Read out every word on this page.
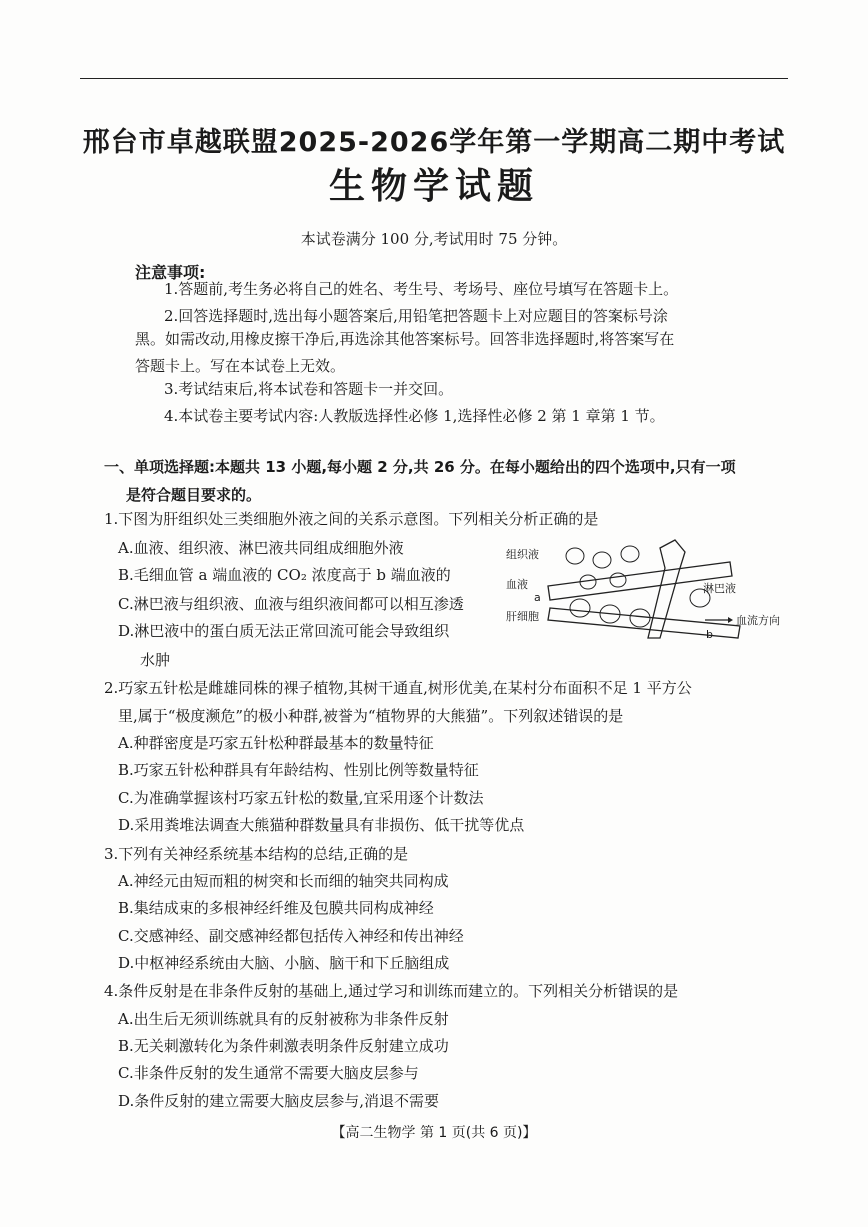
邢台市卓越联盟2025-2026学年第一学期高二期中考试
生物学试题
本试卷满分 100 分,考试用时 75 分钟。
注意事项:
1.答题前,考生务必将自己的姓名、考生号、考场号、座位号填写在答题卡上。
2.回答选择题时,选出每小题答案后,用铅笔把答题卡上对应题目的答案标号涂
黑。如需改动,用橡皮擦干净后,再选涂其他答案标号。回答非选择题时,将答案写在
答题卡上。写在本试卷上无效。
3.考试结束后,将本试卷和答题卡一并交回。
4.本试卷主要考试内容:人教版选择性必修 1,选择性必修 2 第 1 章第 1 节。
一、单项选择题:本题共 13 小题,每小题 2 分,共 26 分。在每小题给出的四个选项中,只有一项
是符合题目要求的。
1.下图为肝组织处三类细胞外液之间的关系示意图。下列相关分析正确的是
A.血液、组织液、淋巴液共同组成细胞外液
B.毛细血管 a 端血液的 CO₂ 浓度高于 b 端血液的
C.淋巴液与组织液、血液与组织液间都可以相互渗透
D.淋巴液中的蛋白质无法正常回流可能会导致组织
水肿
组织液
血液
a
淋巴液
肝细胞	血流方向
b
2.巧家五针松是雌雄同株的裸子植物,其树干通直,树形优美,在某村分布面积不足 1 平方公
里,属于“极度濒危”的极小种群,被誉为“植物界的大熊猫”。下列叙述错误的是
A.种群密度是巧家五针松种群最基本的数量特征
B.巧家五针松种群具有年龄结构、性别比例等数量特征
C.为准确掌握该村巧家五针松的数量,宜采用逐个计数法
D.采用粪堆法调查大熊猫种群数量具有非损伤、低干扰等优点
3.下列有关神经系统基本结构的总结,正确的是
A.神经元由短而粗的树突和长而细的轴突共同构成
B.集结成束的多根神经纤维及包膜共同构成神经
C.交感神经、副交感神经都包括传入神经和传出神经
D.中枢神经系统由大脑、小脑、脑干和下丘脑组成
4.条件反射是在非条件反射的基础上,通过学习和训练而建立的。下列相关分析错误的是
A.出生后无须训练就具有的反射被称为非条件反射
B.无关刺激转化为条件刺激表明条件反射建立成功
C.非条件反射的发生通常不需要大脑皮层参与
D.条件反射的建立需要大脑皮层参与,消退不需要
【高二生物学 第 1 页(共 6 页)】
